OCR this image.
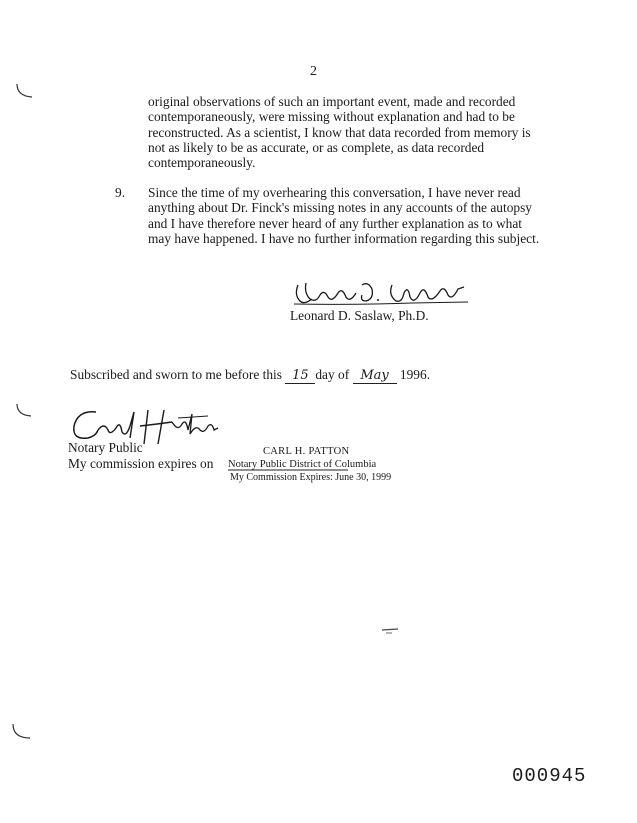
2

original observations of such an important event, made and recorded

contemporaneously, were missing without explanation and had to be

reconstructed. As a scientist, I know that data recorded from memory is

not as likely to be as accurate, or as complete, as data recorded

contemporaneously.

9. Since the time of my overhearing this conversation, I have never read

anything about Dr. Finck's missing notes in any accounts of the autopsy

and I have therefore never heard of any further explanation as to what

may have happened. I have no further information regarding this subject.

Leonard D. Saslaw, Ph.D.
Subscribed and sworn to me before this 15 day of May 1996.
Notary Public
My commission expires on
CARL H. PATTON
Notary Public District of Columbia
My Commission Expires: June 30, 1999
000945
